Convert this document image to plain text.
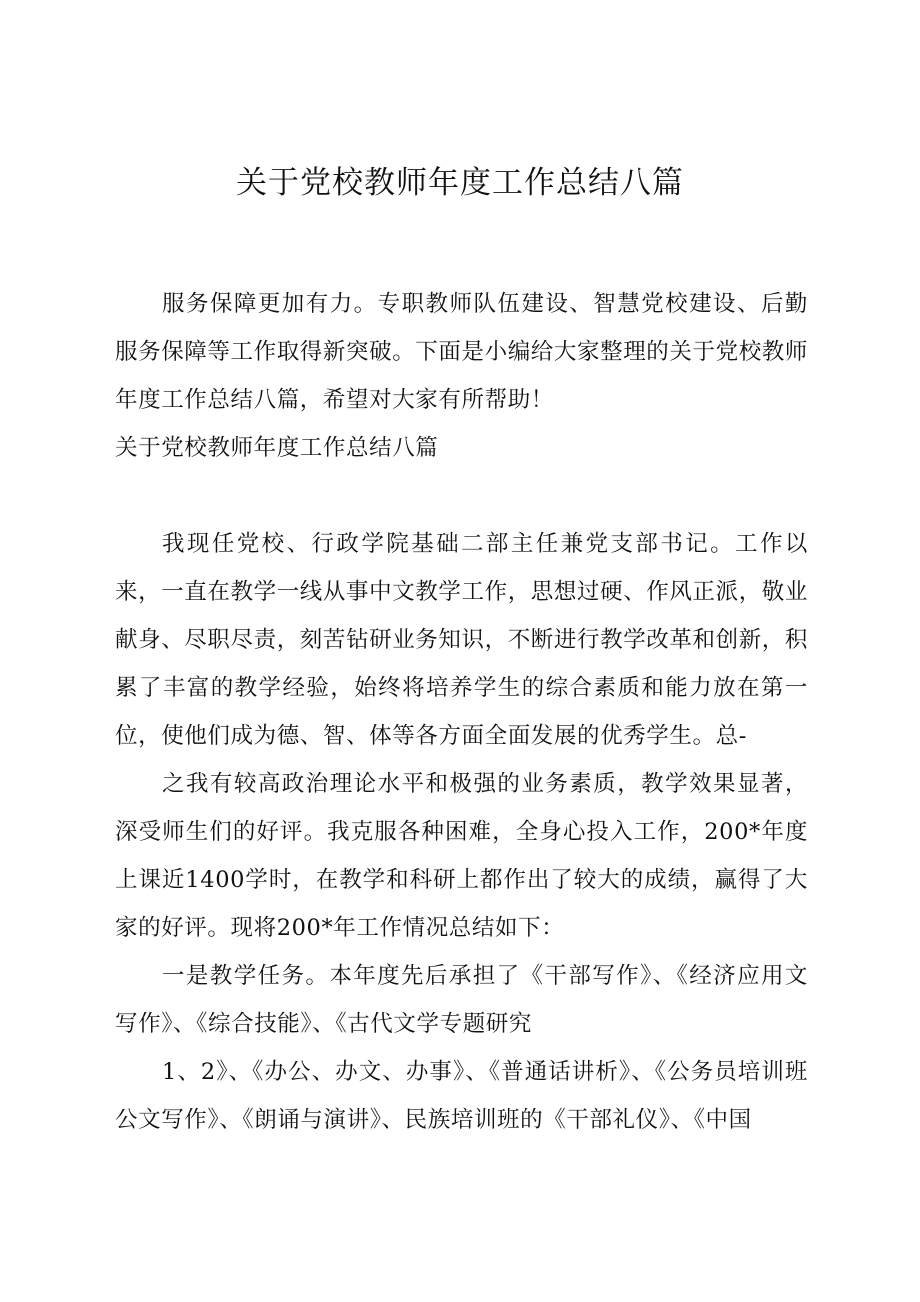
关于党校教师年度工作总结八篇

服务保障更加有力。专职教师队伍建设、智慧党校建设、后勤服务保障等工作取得新突破。下面是小编给大家整理的关于党校教师年度工作总结八篇，希望对大家有所帮助！

关于党校教师年度工作总结八篇

我现任党校、行政学院基础二部主任兼党支部书记。工作以来，一直在教学一线从事中文教学工作，思想过硬、作风正派，敬业献身、尽职尽责，刻苦钻研业务知识，不断进行教学改革和创新，积累了丰富的教学经验，始终将培养学生的综合素质和能力放在第一位，使他们成为德、智、体等各方面全面发展的优秀学生。总-

之我有较高政治理论水平和极强的业务素质，教学效果显著，深受师生们的好评。我克服各种困难，全身心投入工作，200*年度上课近1400学时，在教学和科研上都作出了较大的成绩，赢得了大家的好评。现将200*年工作情况总结如下：

一是教学任务。本年度先后承担了《干部写作》、《经济应用文写作》、《综合技能》、《古代文学专题研究

1、2》、《办公、办文、办事》、《普通话讲析》、《公务员培训班公文写作》、《朗诵与演讲》、民族培训班的《干部礼仪》、《中国
